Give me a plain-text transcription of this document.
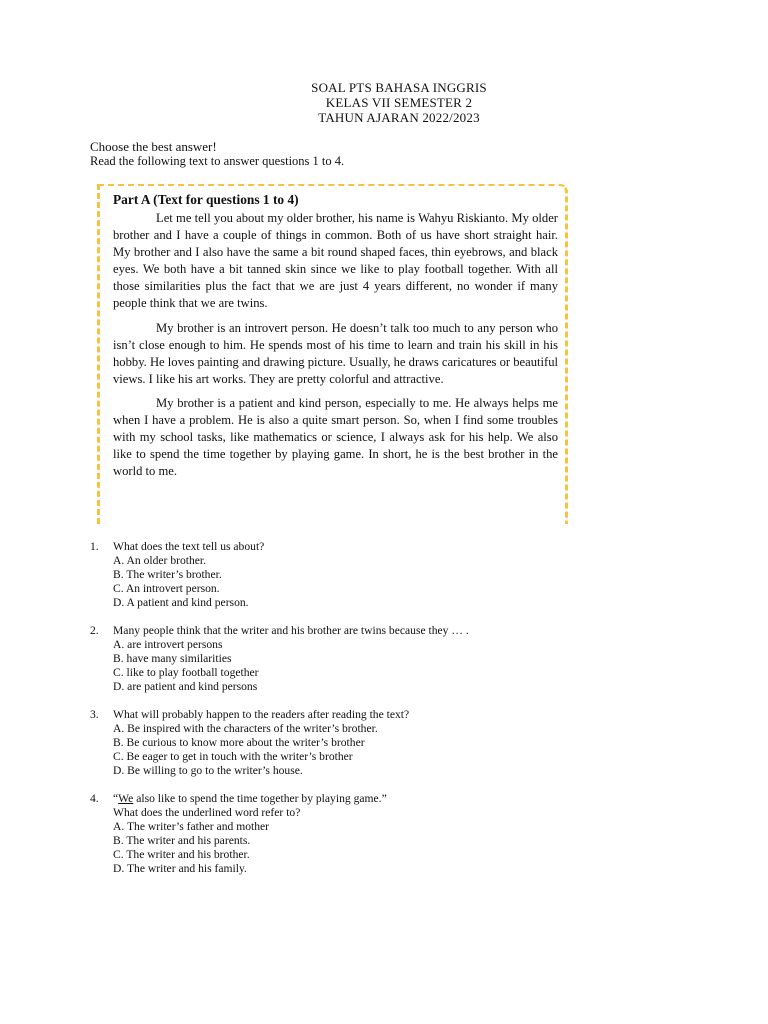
SOAL PTS BAHASA INGGRIS
KELAS VII SEMESTER 2
TAHUN AJARAN 2022/2023
Choose the best answer!
Read the following text to answer questions 1 to 4.
Part A (Text for questions 1 to 4)

Let me tell you about my older brother, his name is Wahyu Riskianto. My older brother and I have a couple of things in common. Both of us have short straight hair. My brother and I also have the same a bit round shaped faces, thin eyebrows, and black eyes. We both have a bit tanned skin since we like to play football together. With all those similarities plus the fact that we are just 4 years different, no wonder if many people think that we are twins.

My brother is an introvert person. He doesn’t talk too much to any person who isn’t close enough to him. He spends most of his time to learn and train his skill in his hobby. He loves painting and drawing picture. Usually, he draws caricatures or beautiful views. I like his art works. They are pretty colorful and attractive.

My brother is a patient and kind person, especially to me. He always helps me when I have a problem. He is also a quite smart person. So, when I find some troubles with my school tasks, like mathematics or science, I always ask for his help. We also like to spend the time together by playing game. In short, he is the best brother in the world to me.

1.	What does the text tell us about?
A. An older brother.
B. The writer’s brother.
C. An introvert person.
D. A patient and kind person.
2.	Many people think that the writer and his brother are twins because they … .
A. are introvert persons
B. have many similarities
C. like to play football together
D. are patient and kind persons
3.	What will probably happen to the readers after reading the text?
A. Be inspired with the characters of the writer’s brother.
B. Be curious to know more about the writer’s brother
C. Be eager to get in touch with the writer’s brother
D. Be willing to go to the writer’s house.
4.	“We also like to spend the time together by playing game.”
What does the underlined word refer to?
A. The writer’s father and mother
B. The writer and his parents.
C. The writer and his brother.
D. The writer and his family.
